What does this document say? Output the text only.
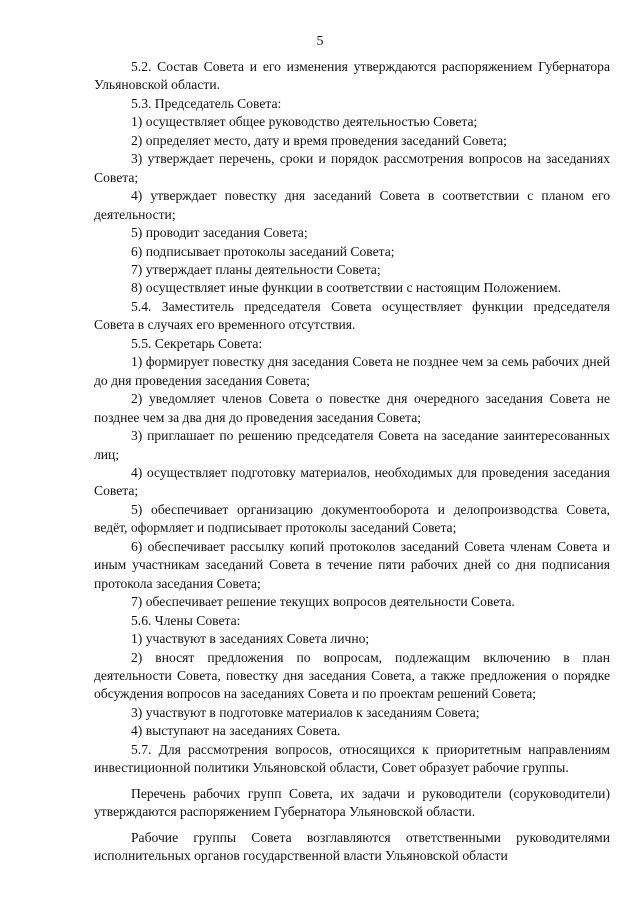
5

5.2. Состав Совета и его изменения утверждаются распоряжением Губернатора Ульяновской области.

5.3. Председатель Совета:

1) осуществляет общее руководство деятельностью Совета;

2) определяет место, дату и время проведения заседаний Совета;

3) утверждает перечень, сроки и порядок рассмотрения вопросов на заседаниях Совета;

4) утверждает повестку дня заседаний Совета в соответствии с планом его деятельности;

5) проводит заседания Совета;

6) подписывает протоколы заседаний Совета;

7) утверждает планы деятельности Совета;

8) осуществляет иные функции в соответствии с настоящим Положением.

5.4. Заместитель председателя Совета осуществляет функции председателя Совета в случаях его временного отсутствия.

5.5. Секретарь Совета:

1) формирует повестку дня заседания Совета не позднее чем за семь рабочих дней до дня проведения заседания Совета;

2) уведомляет членов Совета о повестке дня очередного заседания Совета не позднее чем за два дня до проведения заседания Совета;

3) приглашает по решению председателя Совета на заседание заинтересованных лиц;

4) осуществляет подготовку материалов, необходимых для проведения заседания Совета;

5) обеспечивает организацию документооборота и делопроизводства Совета, ведёт, оформляет и подписывает протоколы заседаний Совета;

6) обеспечивает рассылку копий протоколов заседаний Совета членам Совета и иным участникам заседаний Совета в течение пяти рабочих дней со дня подписания протокола заседания Совета;

7) обеспечивает решение текущих вопросов деятельности Совета.

5.6. Члены Совета:

1) участвуют в заседаниях Совета лично;

2) вносят предложения по вопросам, подлежащим включению в план деятельности Совета, повестку дня заседания Совета, а также предложения о порядке обсуждения вопросов на заседаниях Совета и по проектам решений Совета;

3) участвуют в подготовке материалов к заседаниям Совета;

4) выступают на заседаниях Совета.

5.7. Для рассмотрения вопросов, относящихся к приоритетным направлениям инвестиционной политики Ульяновской области, Совет образует рабочие группы.

Перечень рабочих групп Совета, их задачи и руководители (соруководители) утверждаются распоряжением Губернатора Ульяновской области.

Рабочие группы Совета возглавляются ответственными руководителями исполнительных органов государственной власти Ульяновской области
